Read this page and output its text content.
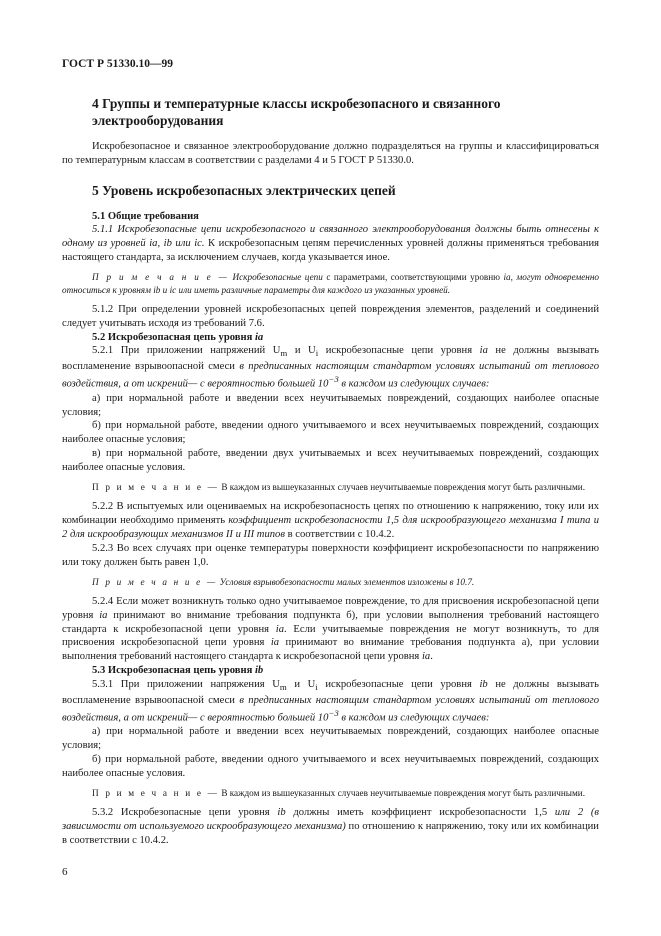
ГОСТ Р 51330.10—99
4 Группы и температурные классы искробезопасного и связанного электрооборудования

Искробезопасное и связанное электрооборудование должно подразделяться на группы и классифицироваться по температурным классам в соответствии с разделами 4 и 5 ГОСТ Р 51330.0.

5 Уровень искробезопасных электрических цепей
5.1 Общие требования

5.1.1 Искробезопасные цепи искробезопасного и связанного электрооборудования должны быть отнесены к одному из уровней ia, ib или ic. К искробезопасным цепям перечисленных уровней должны применяться требования настоящего стандарта, за исключением случаев, когда указывается иное.

П р и м е ч а н и е — Искробезопасные цепи с параметрами, соответствующими уровню ia, могут одновременно относиться к уровням ib и ic или иметь различные параметры для каждого из указанных уровней.

5.1.2 При определении уровней искробезопасных цепей повреждения элементов, разделений и соединений следует учитывать исходя из требований 7.6.

5.2 Искробезопасная цепь уровня ia

5.2.1 При приложении напряжений $U_m$ и $U_i$ искробезопасные цепи уровня ia не должны вызывать воспламенение взрывоопасной смеси в предписанных настоящим стандартом условиях испытаний от теплового воздействия, а от искрений— с вероятностью большей $10^{-3}$ в каждом из следующих случаев:

а) при нормальной работе и введении всех неучитываемых повреждений, создающих наиболее опасные условия;

б) при нормальной работе, введении одного учитываемого и всех неучитываемых повреждений, создающих наиболее опасные условия;

в) при нормальной работе, введении двух учитываемых и всех неучитываемых повреждений, создающих наиболее опасные условия.

П р и м е ч а н и е — В каждом из вышеуказанных случаев неучитываемые повреждения могут быть различными.

5.2.2 В испытуемых или оцениваемых на искробезопасность цепях по отношению к напряжению, току или их комбинации необходимо применять коэффициент искробезопасности 1,5 для искрообразующего механизма I типа и 2 для искрообразующих механизмов II и III типов в соответствии с 10.4.2.

5.2.3 Во всех случаях при оценке температуры поверхности коэффициент искробезопасности по напряжению или току должен быть равен 1,0.

П р и м е ч а н и е — Условия взрывобезопасности малых элементов изложены в 10.7.

5.2.4 Если может возникнуть только одно учитываемое повреждение, то для присвоения искробезопасной цепи уровня ia принимают во внимание требования подпункта б), при условии выполнения требований настоящего стандарта к искробезопасной цепи уровня ia. Если учитываемые повреждения не могут возникнуть, то для присвоения искробезопасной цепи уровня ia принимают во внимание требования подпункта а), при условии выполнения требований настоящего стандарта к искробезопасной цепи уровня ia.

5.3 Искробезопасная цепь уровня ib

5.3.1 При приложении напряжения $U_m$ и $U_i$ искробезопасные цепи уровня ib не должны вызывать воспламенение взрывоопасной смеси в предписанных настоящим стандартом условиях испытаний от теплового воздействия, а от искрений— с вероятностью большей $10^{-3}$ в каждом из следующих случаев:

а) при нормальной работе и введении всех неучитываемых повреждений, создающих наиболее опасные условия;

б) при нормальной работе, введении одного учитываемого и всех неучитываемых повреждений, создающих наиболее опасные условия.

П р и м е ч а н и е — В каждом из вышеуказанных случаев неучитываемые повреждения могут быть различными.

5.3.2 Искробезопасные цепи уровня ib должны иметь коэффициент искробезопасности 1,5 или 2 (в зависимости от используемого искрообразующего механизма) по отношению к напряжению, току или их комбинации в соответствии с 10.4.2.

6
